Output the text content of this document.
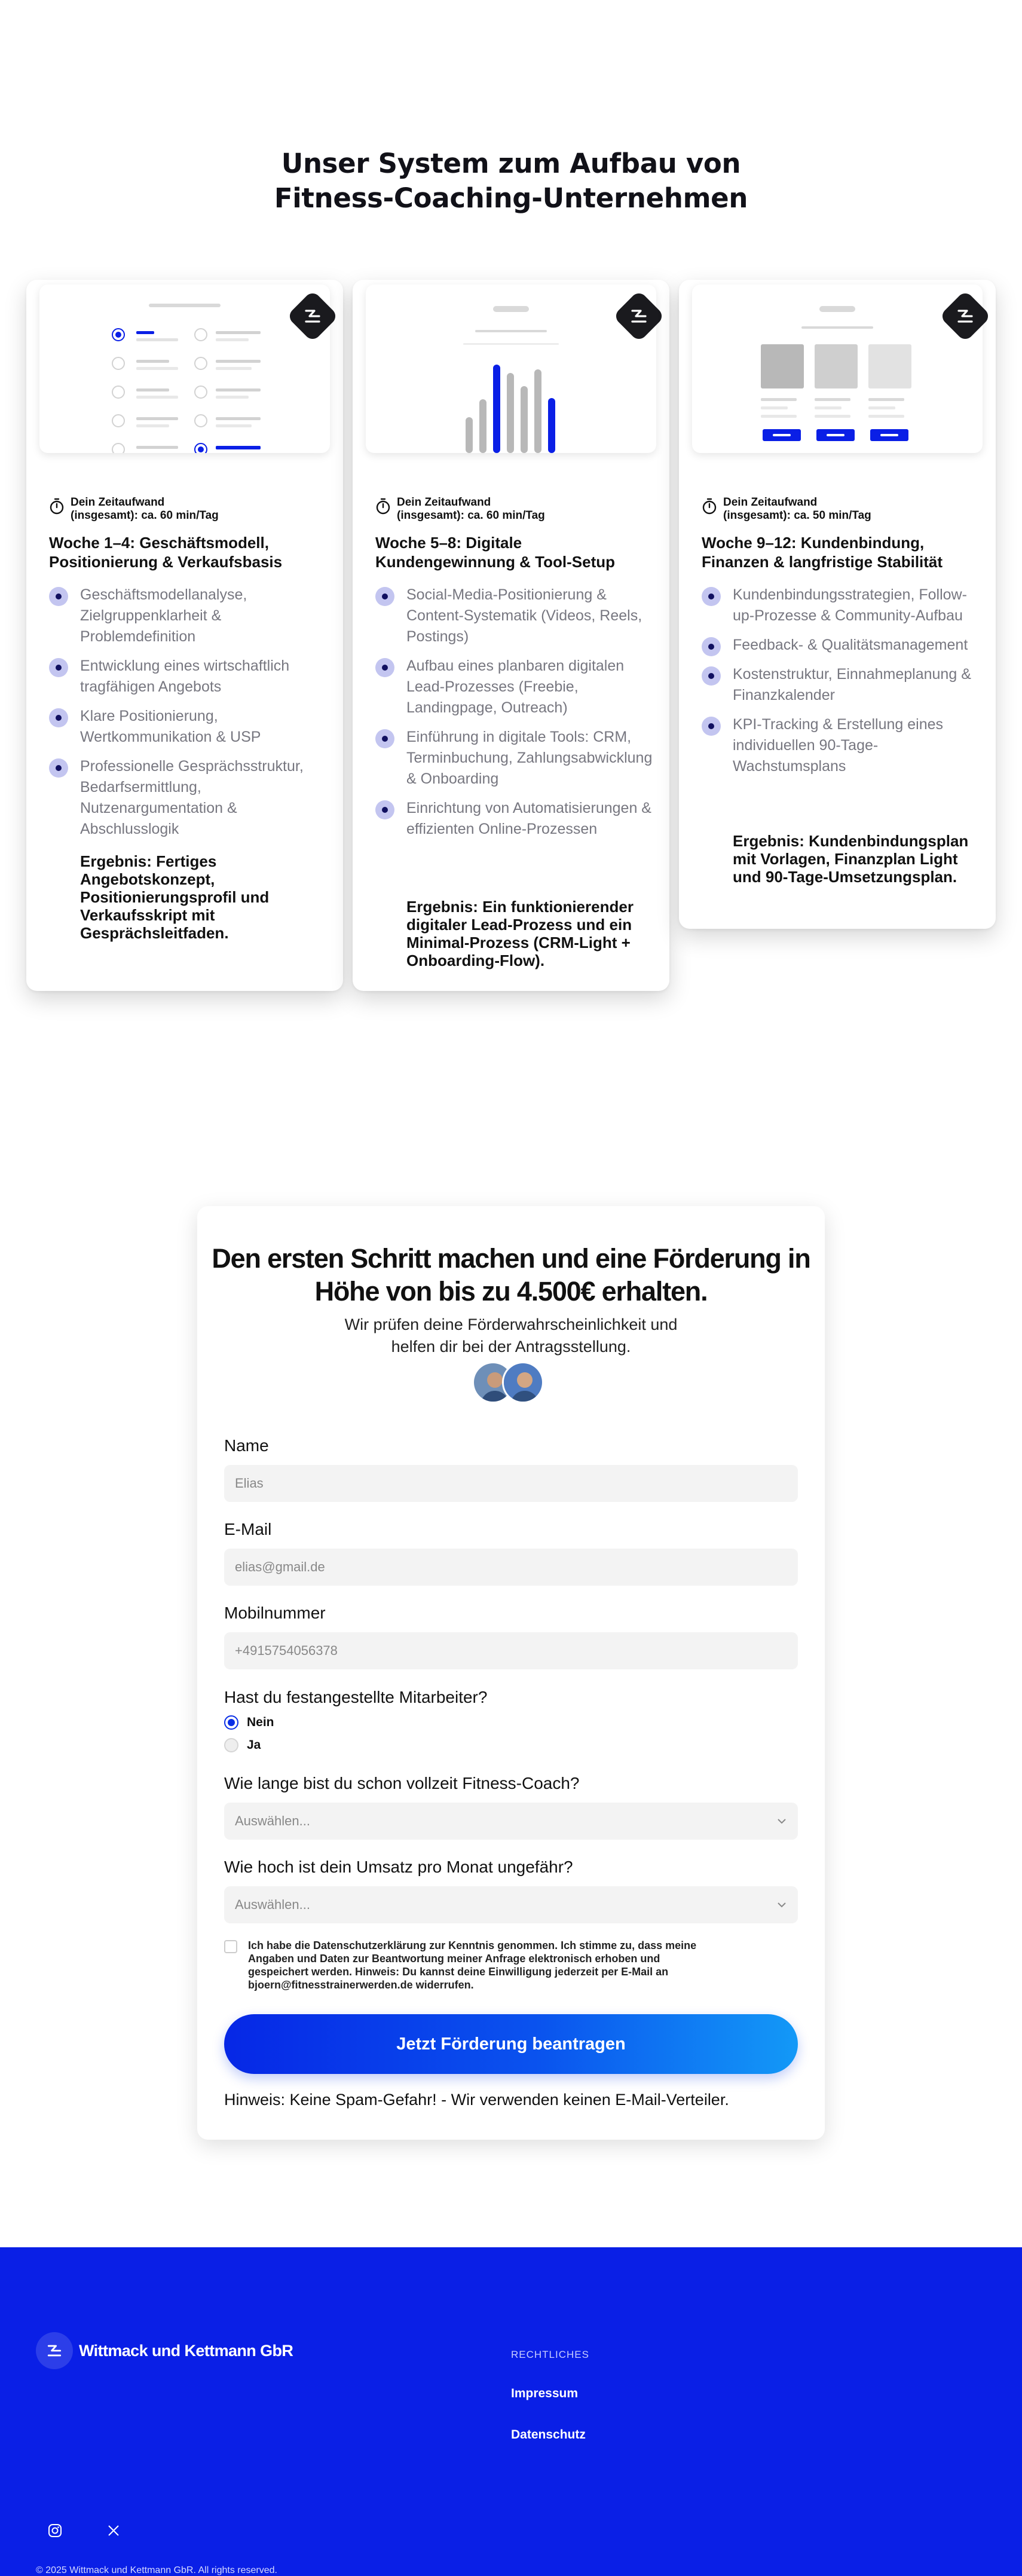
Unser System zum Aufbau von
Fitness-Coaching-Unternehmen
Dein Zeitaufwand
(insgesamt): ca. 60 min/Tag
Woche 1–4: Geschäftsmodell, Positionierung & Verkaufsbasis
Geschäftsmodellanalyse, Zielgruppenklarheit & Problemdefinition
Entwicklung eines wirtschaftlich tragfähigen Angebots
Klare Positionierung, Wertkommunikation & USP
Professionelle Gesprächsstruktur, Bedarfsermittlung, Nutzenargumentation & Abschlusslogik
Ergebnis: Fertiges Angebotskonzept, Positionierungsprofil und Verkaufsskript mit Gesprächsleitfaden.
Dein Zeitaufwand
(insgesamt): ca. 60 min/Tag
Woche 5–8: Digitale Kundengewinnung & Tool-Setup
Social-Media-Positionierung & Content-Systematik (Videos, Reels, Postings)
Aufbau eines planbaren digitalen Lead-Prozesses (Freebie, Landingpage, Outreach)
Einführung in digitale Tools: CRM, Terminbuchung, Zahlungsabwicklung & Onboarding
Einrichtung von Automatisierungen & effizienten Online-Prozessen
Ergebnis: Ein funktionierender digitaler Lead-Prozess und ein Minimal-Prozess (CRM-Light + Onboarding-Flow).
Dein Zeitaufwand
(insgesamt): ca. 50 min/Tag
Woche 9–12: Kundenbindung, Finanzen & langfristige Stabilität
Kundenbindungsstrategien, Follow-up-Prozesse & Community-Aufbau
Feedback- & Qualitätsmanagement
Kostenstruktur, Einnahmeplanung & Finanzkalender
KPI-Tracking & Erstellung eines individuellen 90-Tage-Wachstumsplans
Ergebnis: Kundenbindungsplan mit Vorlagen, Finanzplan Light und 90-Tage-Umsetzungsplan.
Den ersten Schritt machen und eine Förderung in
Höhe von bis zu 4.500€ erhalten.

Wir prüfen deine Förderwahrscheinlichkeit und
helfen dir bei der Antragsstellung.

Name
Elias
E-Mail
elias@gmail.de
Mobilnummer
+4915754056378
Hast du festangestellte Mitarbeiter?
Nein
Ja
Wie lange bist du schon vollzeit Fitness-Coach?
Auswählen...
Wie hoch ist dein Umsatz pro Monat ungefähr?
Auswählen...
Ich habe die Datenschutzerklärung zur Kenntnis genommen. Ich stimme zu, dass meine Angaben und Daten zur Beantwortung meiner Anfrage elektronisch erhoben und gespeichert werden. Hinweis: Du kannst deine Einwilligung jederzeit per E-Mail an bjoern@fitnesstrainerwerden.de widerrufen.
Jetzt Förderung beantragen
Hinweis: Keine Spam-Gefahr! - Wir verwenden keinen E-Mail-Verteiler.
Wittmack und Kettmann GbR	RECHTLICHES
Impressum
Datenschutz
© 2025 Wittmack und Kettmann GbR. All rights reserved.
